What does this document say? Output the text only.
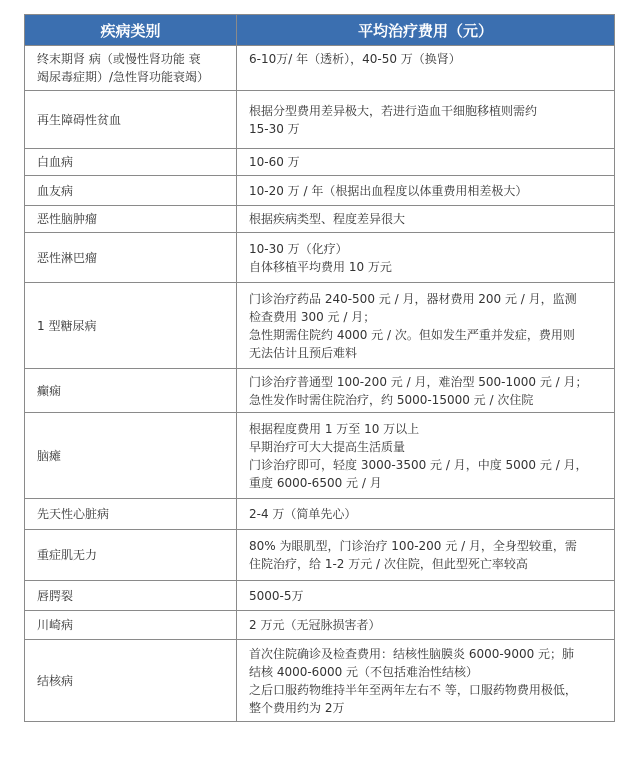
疾病类别	平均治疗费用（元）

终末期肾 病（或慢性肾功能 衰
竭尿毒症期）/急性肾功能衰竭）	6-10万/ 年（透析），40-50 万（换肾）

再生障碍性贫血	根据分型费用差异极大，若进行造血干细胞移植则需约
15-30 万

白血病	10-60 万

血友病	10-20 万 / 年（根据出血程度以体重费用相差极大）

恶性脑肿瘤	根据疾病类型、程度差异很大

恶性淋巴瘤	10-30 万（化疗）
自体移植平均费用 10 万元

1 型糖尿病	门诊治疗药品 240-500 元 / 月，器材费用 200 元 / 月，监测
检查费用 300 元 / 月；
急性期需住院约 4000 元 / 次。但如发生严重并发症，费用则
无法估计且预后难料

癫痫	门诊治疗普通型 100-200 元 / 月，难治型 500-1000 元 / 月；
急性发作时需住院治疗，约 5000-15000 元 / 次住院

脑瘫	根据程度费用 1 万至 10 万以上
早期治疗可大大提高生活质量
门诊治疗即可，轻度 3000-3500 元 / 月，中度 5000 元 / 月，
重度 6000-6500 元 / 月

先天性心脏病	2-4 万（简单先心）

重症肌无力	80% 为眼肌型，门诊治疗 100-200 元 / 月，全身型较重，需
住院治疗，给 1-2 万元 / 次住院，但此型死亡率较高

唇腭裂	5000-5万

川崎病	2 万元（无冠脉损害者）

结核病	首次住院确诊及检查费用：结核性脑膜炎 6000-9000 元；肺
结核 4000-6000 元（不包括难治性结核）
之后口服药物维持半年至两年左右不 等，口服药物费用极低，
整个费用约为 2万
